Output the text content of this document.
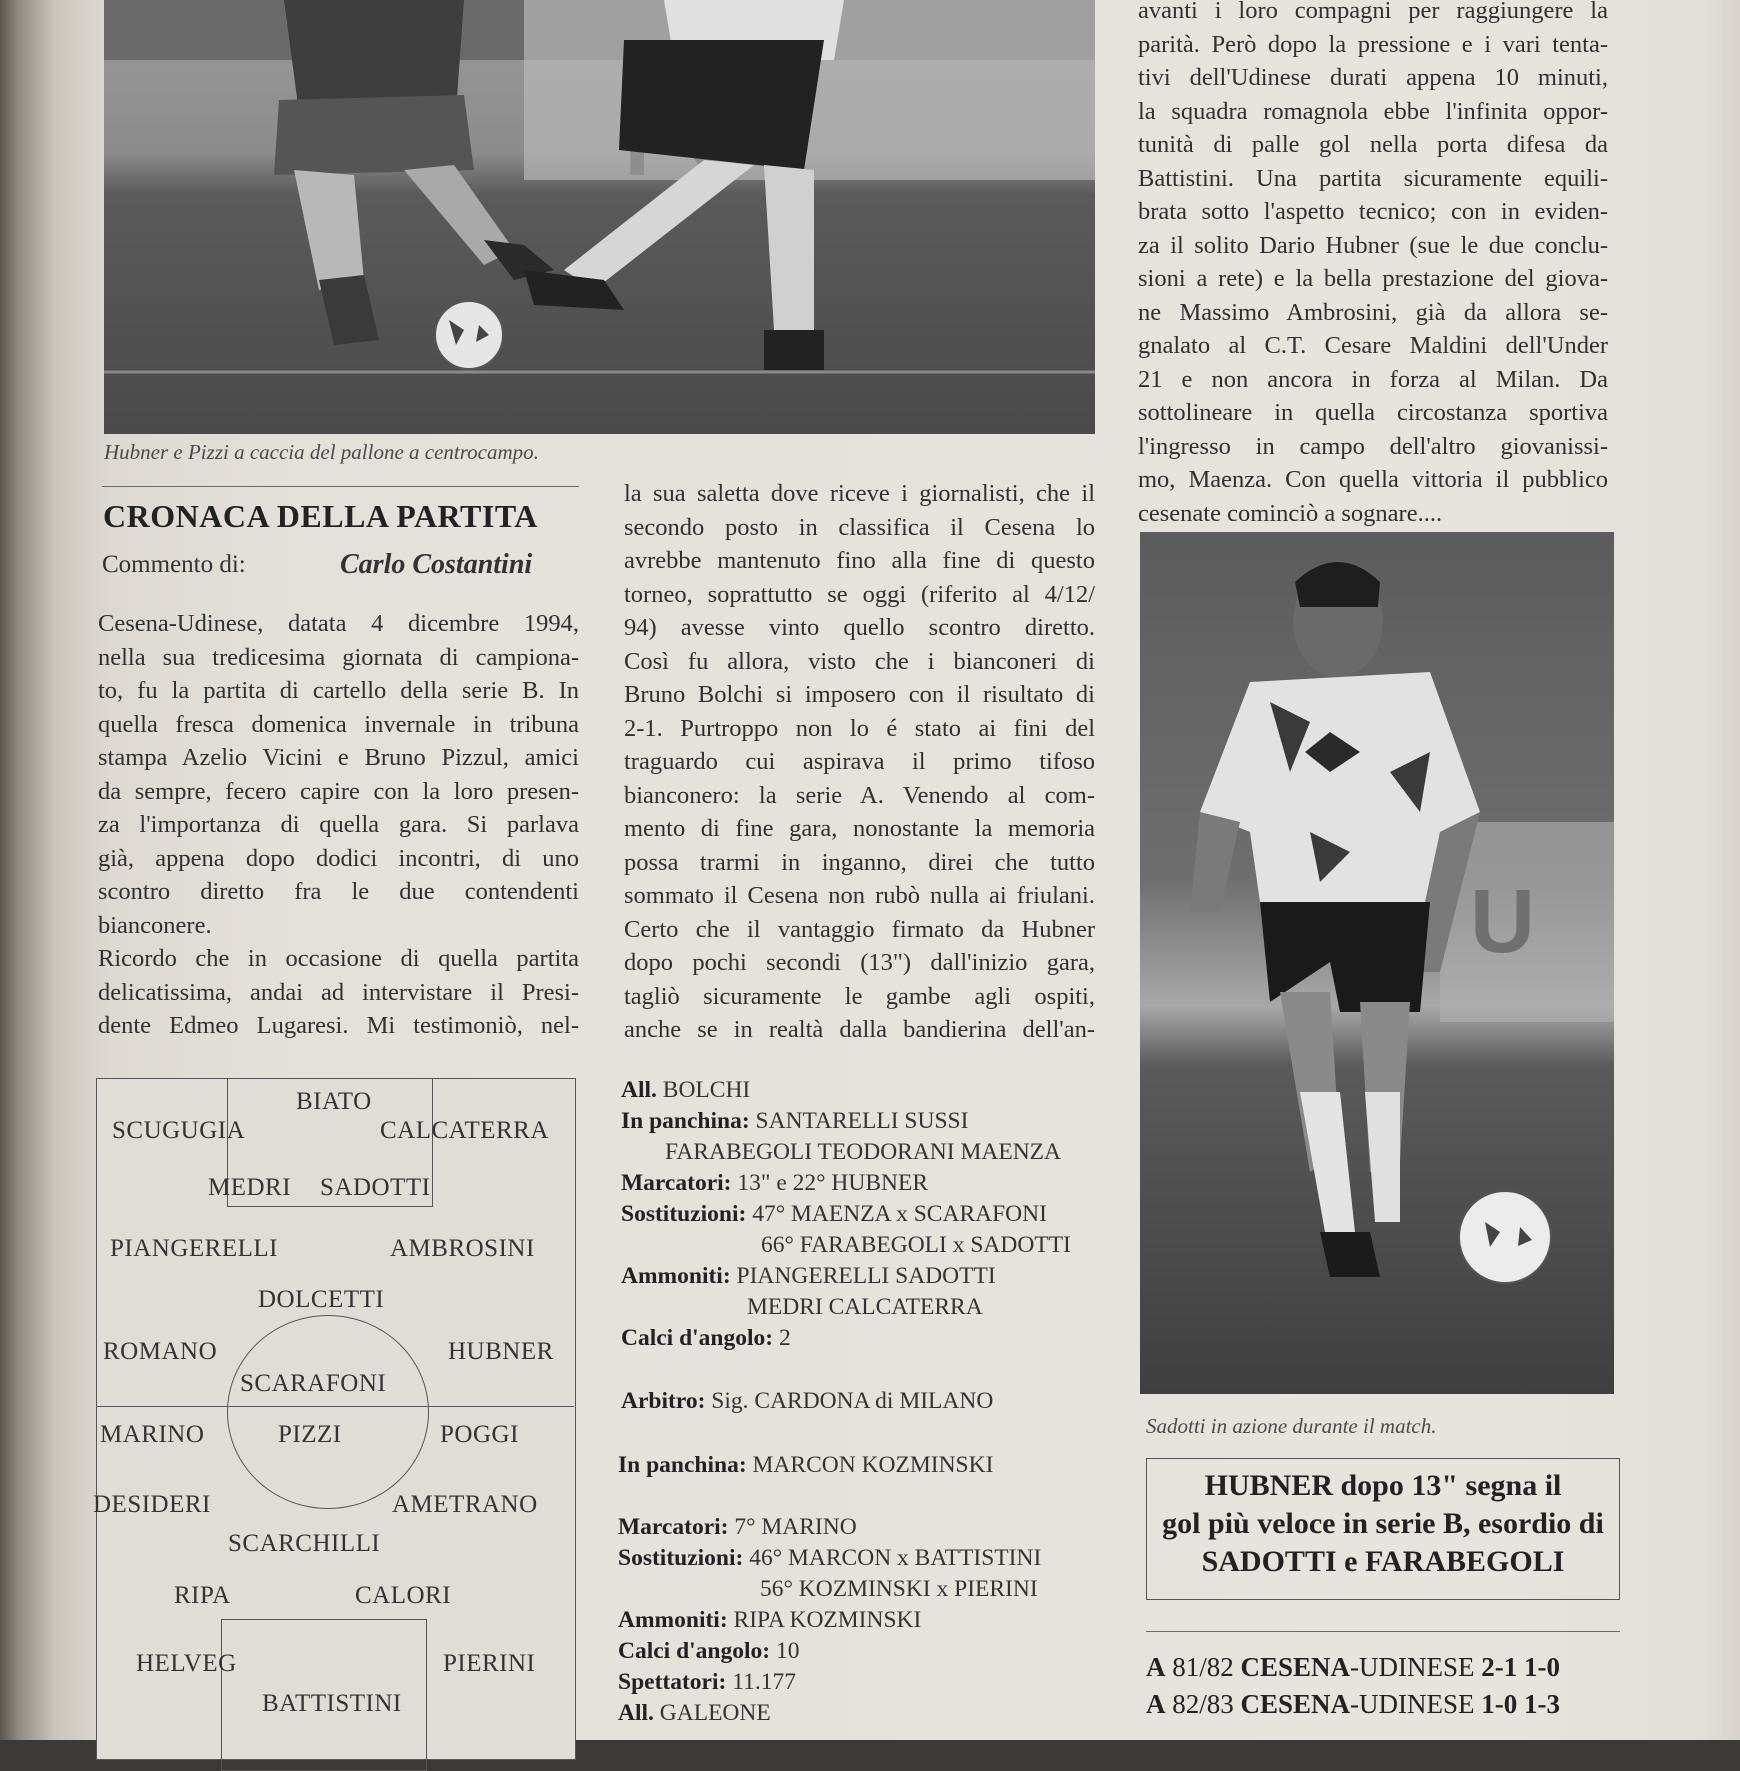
Hubner e Pizzi a caccia del pallone a centrocampo.
CRONACA DELLA PARTITA
Commento di:	Carlo Costantini
Cesena-Udinese, datata 4 dicembre 1994,
nella sua tredicesima giornata di campiona-
to, fu la partita di cartello della serie B. In
quella fresca domenica invernale in tribuna
stampa Azelio Vicini e Bruno Pizzul, amici
da sempre, fecero capire con la loro presen-
za l'importanza di quella gara. Si parlava
già, appena dopo dodici incontri, di uno
scontro diretto fra le due contendenti
bianconere.
Ricordo che in occasione di quella partita
delicatissima, andai ad intervistare il Presi-
dente Edmeo Lugaresi. Mi testimoniò, nel-
la sua saletta dove riceve i giornalisti, che il
secondo posto in classifica il Cesena lo
avrebbe mantenuto fino alla fine di questo
torneo, soprattutto se oggi (riferito al 4/12/
94) avesse vinto quello scontro diretto.
Così fu allora, visto che i bianconeri di
Bruno Bolchi si imposero con il risultato di
2-1. Purtroppo non lo é stato ai fini del
traguardo cui aspirava il primo tifoso
bianconero: la serie A. Venendo al com-
mento di fine gara, nonostante la memoria
possa trarmi in inganno, direi che tutto
sommato il Cesena non rubò nulla ai friulani.
Certo che il vantaggio firmato da Hubner
dopo pochi secondi (13") dall'inizio gara,
tagliò sicuramente le gambe agli ospiti,
anche se in realtà dalla bandierina dell'an-
avanti i loro compagni per raggiungere la
parità. Però dopo la pressione e i vari tenta-
tivi dell'Udinese durati appena 10 minuti,
la squadra romagnola ebbe l'infinita oppor-
tunità di palle gol nella porta difesa da
Battistini. Una partita sicuramente equili-
brata sotto l'aspetto tecnico; con in eviden-
za il solito Dario Hubner (sue le due conclu-
sioni a rete) e la bella prestazione del giova-
ne Massimo Ambrosini, già da allora se-
gnalato al C.T. Cesare Maldini dell'Under
21 e non ancora in forza al Milan. Da
sottolineare in quella circostanza sportiva
l'ingresso in campo dell'altro giovanissi-
mo, Maenza. Con quella vittoria il pubblico
cesenate cominciò a sognare....
BIATO
SCUGUGIA	CALCATERRA
MEDRI SADOTTI
PIANGERELLI	AMBROSINI
DOLCETTI
ROMANO	HUBNER
SCARAFONI
MARINO	PIZZI	POGGI
DESIDERI	AMETRANO
SCARCHILLI
RIPA	CALORI
HELVEG	PIERINI
BATTISTINI
All. BOLCHI
In panchina: SANTARELLI SUSSI
FARABEGOLI TEODORANI MAENZA
Marcatori: 13" e 22° HUBNER
Sostituzioni: 47° MAENZA x SCARAFONI
66° FARABEGOLI x SADOTTI
Ammoniti: PIANGERELLI SADOTTI
MEDRI CALCATERRA
Calci d'angolo: 2
Arbitro: Sig. CARDONA di MILANO
In panchina: MARCON KOZMINSKI
Marcatori: 7° MARINO
Sostituzioni: 46° MARCON x BATTISTINI
56° KOZMINSKI x PIERINI
Ammoniti: RIPA KOZMINSKI
Calci d'angolo: 10
Spettatori: 11.177
All. GALEONE
U
Sadotti in azione durante il match.
HUBNER dopo 13" segna il
gol più veloce in serie B, esordio di
SADOTTI e FARABEGOLI
A 81/82 CESENA-UDINESE 2-1 1-0
A 82/83 CESENA-UDINESE 1-0 1-3
